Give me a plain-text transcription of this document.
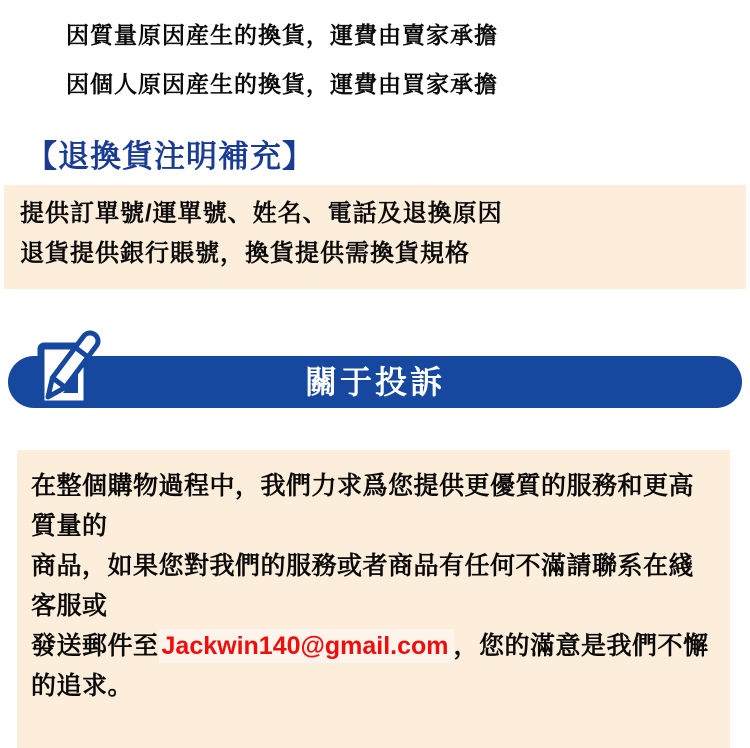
因質量原因産生的換貨，運費由賣家承擔

因個人原因産生的換貨，運費由買家承擔

【退換貨注明補充】

提供訂單號/運單號、姓名、電話及退換原因

退貨提供銀行賬號，換貨提供需換貨規格

關于投訴

在整個購物過程中，我們力求爲您提供更優質的服務和更高質量的

商品，如果您對我們的服務或者商品有任何不滿請聯系在綫客服或

發送郵件至 Jackwin140@gmail.com ，您的滿意是我們不懈的追求。
